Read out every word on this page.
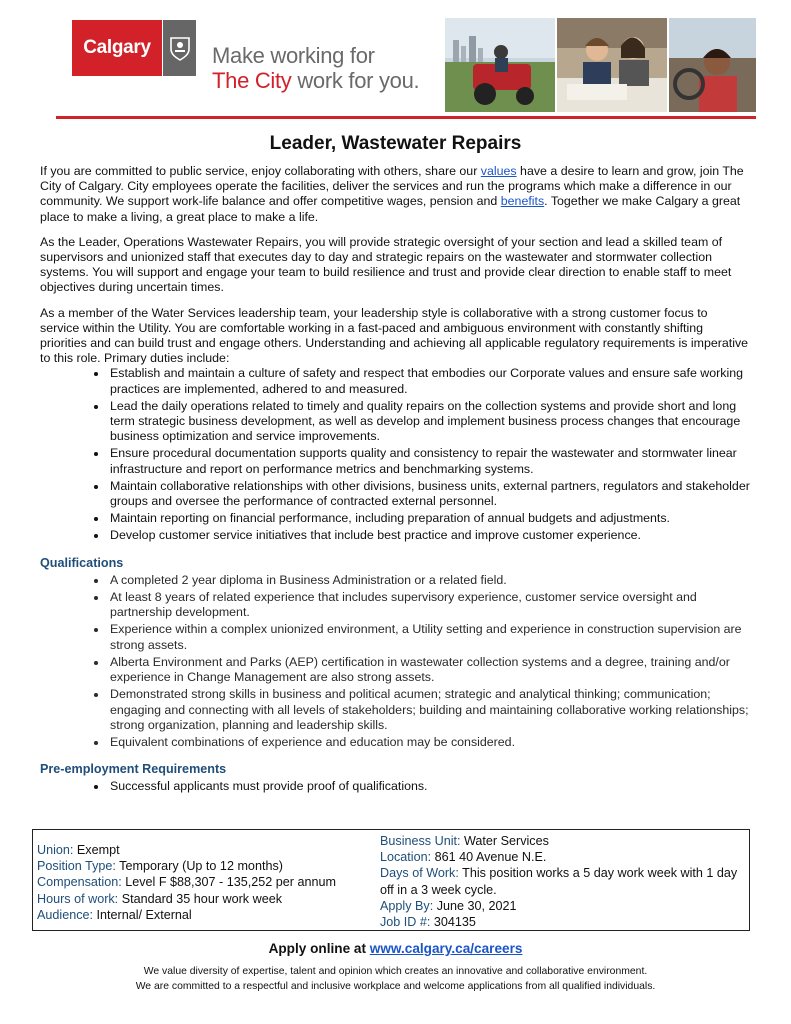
Calgary	Make working for
The City work for you.
Leader, Wastewater Repairs

If you are committed to public service, enjoy collaborating with others, share our values have a desire to learn and grow, join The City of Calgary. City employees operate the facilities, deliver the services and run the programs which make a difference in our community. We support work-life balance and offer competitive wages, pension and benefits. Together we make Calgary a great place to make a living, a great place to make a life.

As the Leader, Operations Wastewater Repairs, you will provide strategic oversight of your section and lead a skilled team of supervisors and unionized staff that executes day to day and strategic repairs on the wastewater and stormwater collection systems. You will support and engage your team to build resilience and trust and provide clear direction to enable staff to meet objectives during uncertain times.

As a member of the Water Services leadership team, your leadership style is collaborative with a strong customer focus to service within the Utility. You are comfortable working in a fast-paced and ambiguous environment with constantly shifting priorities and can build trust and engage others. Understanding and achieving all applicable regulatory requirements is imperative to this role. Primary duties include:

• Establish and maintain a culture of safety and respect that embodies our Corporate values and ensure safe working practices are implemented, adhered to and measured.
• Lead the daily operations related to timely and quality repairs on the collection systems and provide short and long term strategic business development, as well as develop and implement business process changes that encourage business optimization and service improvements.
• Ensure procedural documentation supports quality and consistency to repair the wastewater and stormwater linear infrastructure and report on performance metrics and benchmarking systems.
• Maintain collaborative relationships with other divisions, business units, external partners, regulators and stakeholder groups and oversee the performance of contracted external personnel.
• Maintain reporting on financial performance, including preparation of annual budgets and adjustments.
• Develop customer service initiatives that include best practice and improve customer experience.
Qualifications
• A completed 2 year diploma in Business Administration or a related field.
• At least 8 years of related experience that includes supervisory experience, customer service oversight and partnership development.
• Experience within a complex unionized environment, a Utility setting and experience in construction supervision are strong assets.
• Alberta Environment and Parks (AEP) certification in wastewater collection systems and a degree, training and/or experience in Change Management are also strong assets.
• Demonstrated strong skills in business and political acumen; strategic and analytical thinking; communication; engaging and connecting with all levels of stakeholders; building and maintaining collaborative working relationships; strong organization, planning and leadership skills.
• Equivalent combinations of experience and education may be considered.
Pre-employment Requirements
• Successful applicants must provide proof of qualifications.

Union: Exempt

Position Type: Temporary (Up to 12 months)

Compensation: Level F $88,307 - 135,252 per annum

Hours of work: Standard 35 hour work week

Audience: Internal/ External

Business Unit: Water Services

Location: 861 40 Avenue N.E.

Days of Work: This position works a 5 day work week with 1 day off in a 3 week cycle.

Apply By: June 30, 2021

Job ID #: 304135

Apply online at www.calgary.ca/careers
We value diversity of expertise, talent and opinion which creates an innovative and collaborative environment.
We are committed to a respectful and inclusive workplace and welcome applications from all qualified individuals.
